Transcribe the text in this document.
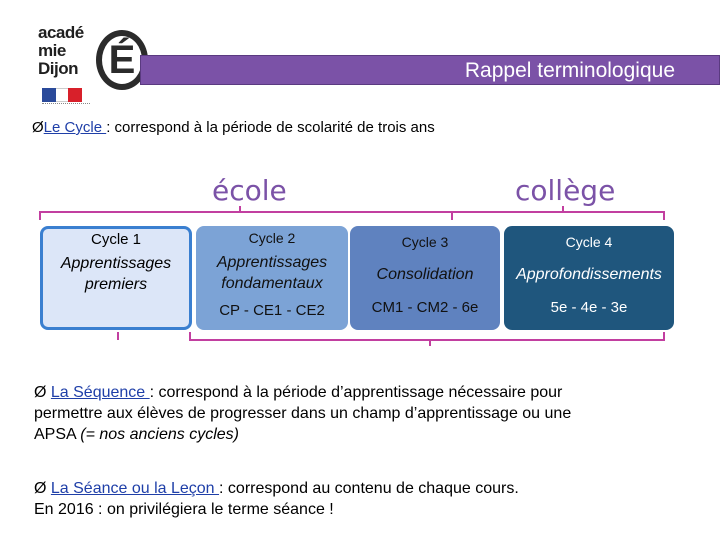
acadé
mie
Dijon É	Rappel terminologique
ØLe Cycle : correspond à la période de scolarité de trois ans
école	collège
Cycle 1
Apprentissages
premiers
Cycle 2
Apprentissages
fondamentaux
CP - CE1 - CE2
Cycle 3
Consolidation
CM1 - CM2 - 6e
Cycle 4
Approfondissements
5e - 4e - 3e
Ø La Séquence : correspond à la période d’apprentissage nécessaire pour
permettre aux élèves de progresser dans un champ d’apprentissage ou une
APSA (= nos anciens cycles)
Ø La Séance ou la Leçon : correspond au contenu de chaque cours.
En 2016 : on privilégiera le terme séance !
